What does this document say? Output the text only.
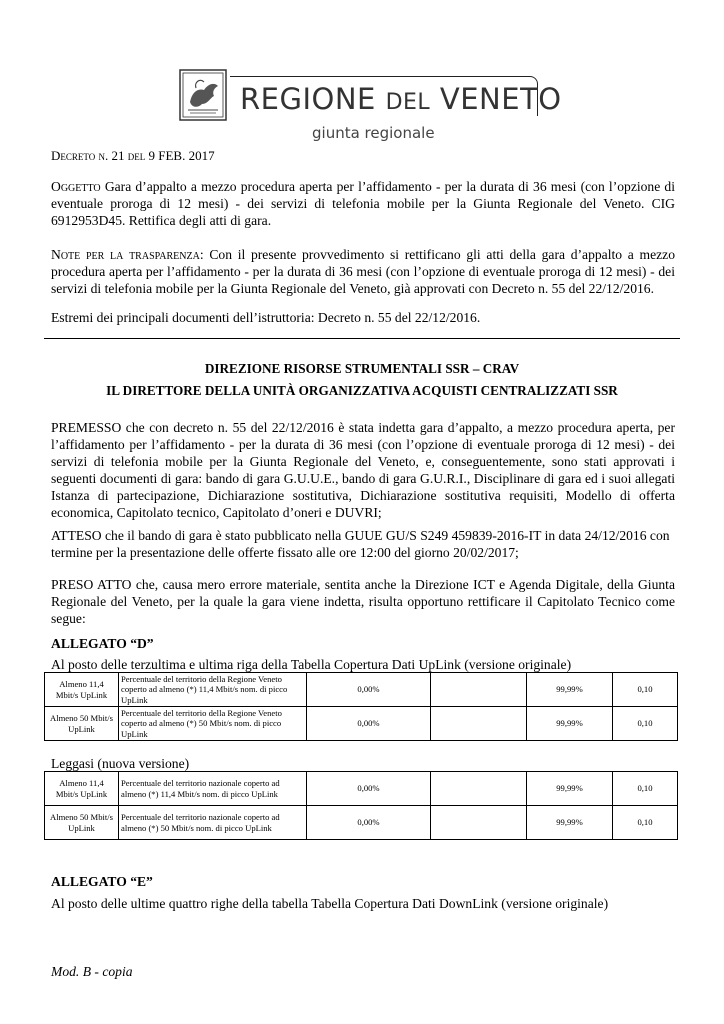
REGIONE DEL VENETO
giunta regionale
Decreto n. 21 del 9 FEB. 2017
Oggetto Gara d’appalto a mezzo procedura aperta per l’affidamento - per la durata di 36 mesi (con l’opzione di eventuale proroga di 12 mesi) - dei servizi di telefonia mobile per la Giunta Regionale del Veneto. CIG 6912953D45. Rettifica degli atti di gara.
Note per la trasparenza: Con il presente provvedimento si rettificano gli atti della gara d’appalto a mezzo procedura aperta per l’affidamento - per la durata di 36 mesi (con l’opzione di eventuale proroga di 12 mesi) - dei servizi di telefonia mobile per la Giunta Regionale del Veneto, già approvati con Decreto n. 55 del 22/12/2016.
Estremi dei principali documenti dell’istruttoria: Decreto n. 55 del 22/12/2016.
DIREZIONE RISORSE STRUMENTALI SSR – CRAV
IL DIRETTORE DELLA UNITÀ ORGANIZZATIVA ACQUISTI CENTRALIZZATI SSR
PREMESSO che con decreto n. 55 del 22/12/2016 è stata indetta gara d’appalto, a mezzo procedura aperta, per l’affidamento per l’affidamento - per la durata di 36 mesi (con l’opzione di eventuale proroga di 12 mesi) - dei servizi di telefonia mobile per la Giunta Regionale del Veneto, e, conseguentemente, sono stati approvati i seguenti documenti di gara: bando di gara G.U.U.E., bando di gara G.U.R.I., Disciplinare di gara ed i suoi allegati Istanza di partecipazione, Dichiarazione sostitutiva, Dichiarazione sostitutiva requisiti, Modello di offerta economica, Capitolato tecnico, Capitolato d’oneri e DUVRI;
ATTESO che il bando di gara è stato pubblicato nella GUUE GU/S S249 459839-2016-IT in data 24/12/2016 con termine per la presentazione delle offerte fissato alle ore 12:00 del giorno 20/02/2017;
PRESO ATTO che, causa mero errore materiale, sentita anche la Direzione ICT e Agenda Digitale, della Giunta Regionale del Veneto, per la quale la gara viene indetta, risulta opportuno rettificare il Capitolato Tecnico come segue:
ALLEGATO “D”
Al posto delle terzultima e ultima riga della Tabella Copertura Dati UpLink (versione originale)
Almeno 11,4 Mbit/s UpLink	Percentuale del territorio della Regione Veneto coperto ad almeno (*) 11,4 Mbit/s nom. di picco UpLink	0,00%		99,99%	0,10
Almeno 50 Mbit/s UpLink	Percentuale del territorio della Regione Veneto coperto ad almeno (*) 50 Mbit/s nom. di picco UpLink	0,00%		99,99%	0,10
Leggasi (nuova versione)
Almeno 11,4 Mbit/s UpLink	Percentuale del territorio nazionale coperto ad almeno (*) 11,4 Mbit/s nom. di picco UpLink	0,00%		99,99%	0,10
Almeno 50 Mbit/s UpLink	Percentuale del territorio nazionale coperto ad almeno (*) 50 Mbit/s nom. di picco UpLink	0,00%		99,99%	0,10
ALLEGATO “E”
Al posto delle ultime quattro righe della tabella Tabella Copertura Dati DownLink (versione originale)
Mod. B - copia
